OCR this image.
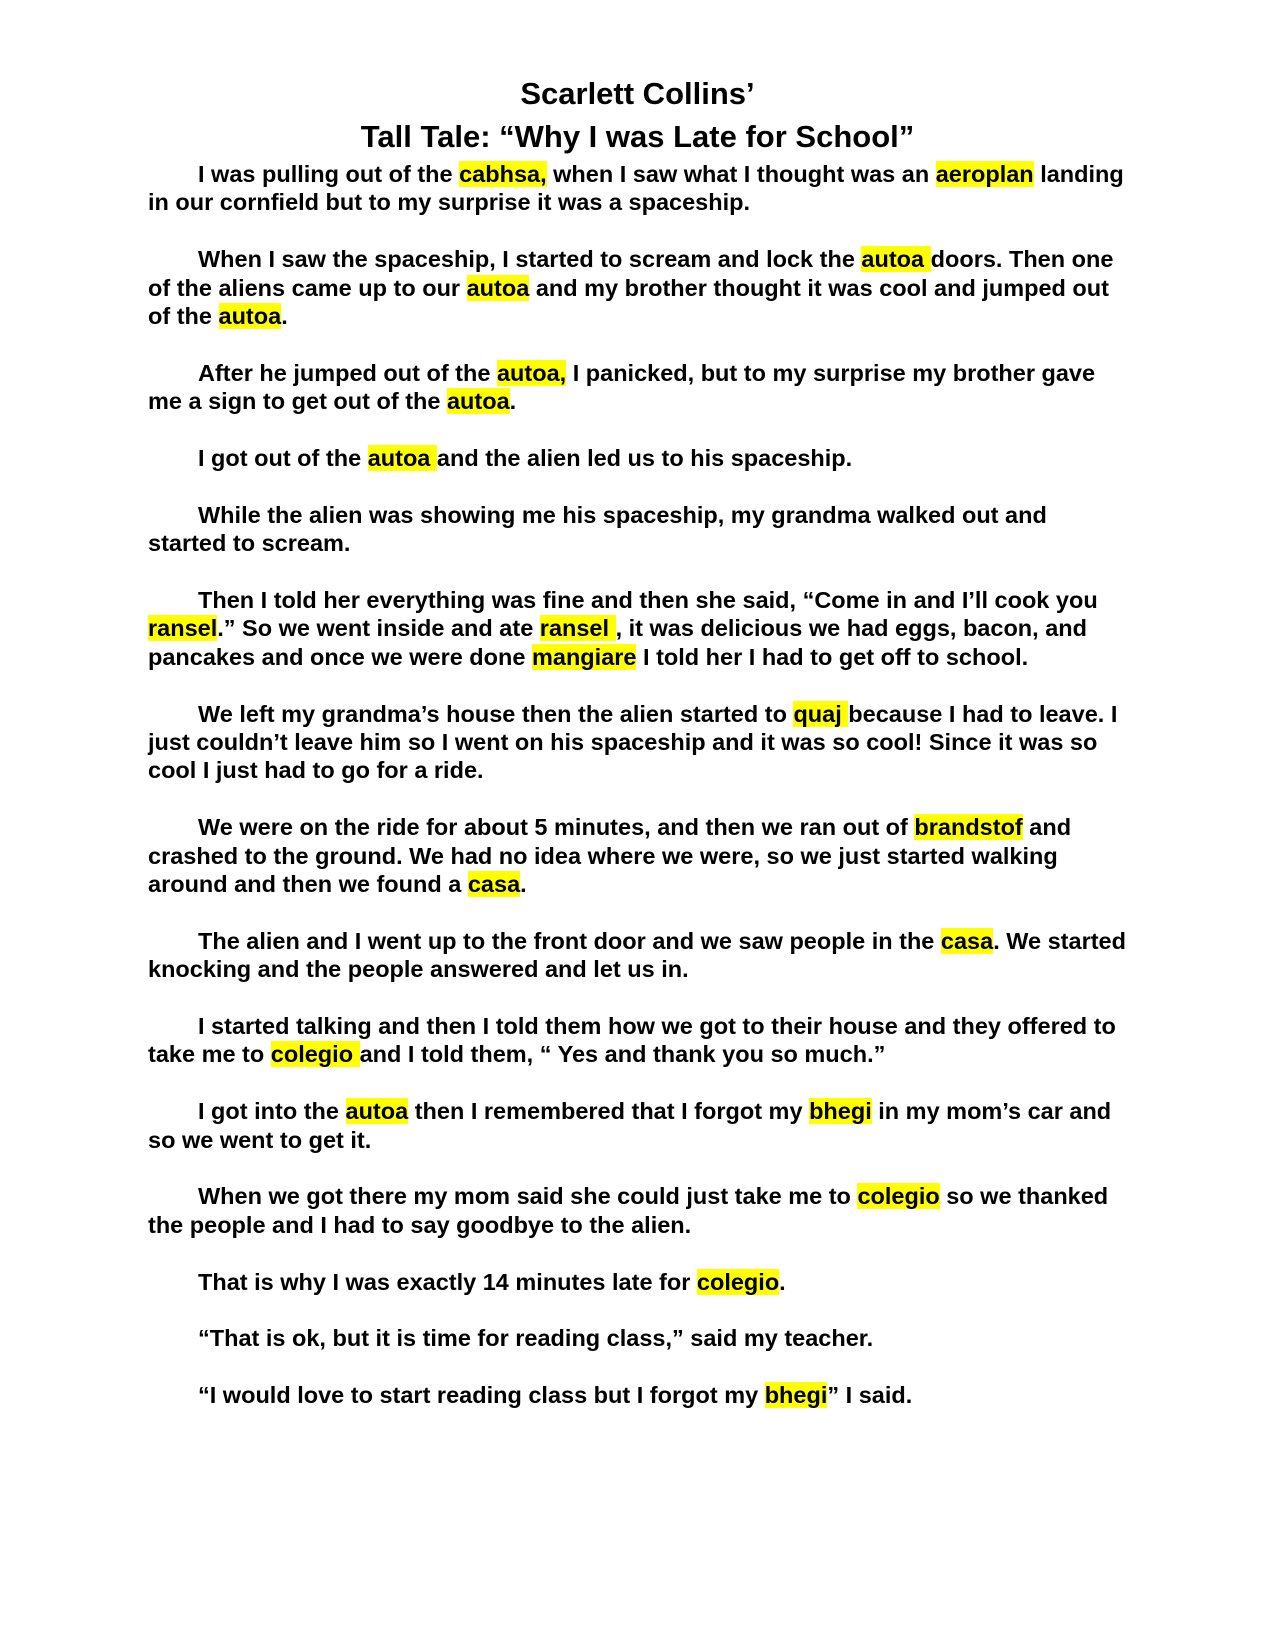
Scarlett Collins’
Tall Tale: “Why I was Late for School”

I was pulling out of the cabhsa, when I saw what I thought was an aeroplan landing in our cornfield but to my surprise it was a spaceship.

When I saw the spaceship, I started to scream and lock the autoa doors. Then one of the aliens came up to our autoa and my brother thought it was cool and jumped out of the autoa.

After he jumped out of the autoa, I panicked, but to my surprise my brother gave me a sign to get out of the autoa.

I got out of the autoa and the alien led us to his spaceship.

While the alien was showing me his spaceship, my grandma walked out and started to scream.

Then I told her everything was fine and then she said, “Come in and I’ll cook you ransel.” So we went inside and ate ransel , it was delicious we had eggs, bacon, and pancakes and once we were done mangiare I told her I had to get off to school.

We left my grandma’s house then the alien started to quaj because I had to leave. I just couldn’t leave him so I went on his spaceship and it was so cool! Since it was so cool I just had to go for a ride.

We were on the ride for about 5 minutes, and then we ran out of brandstof and crashed to the ground. We had no idea where we were, so we just started walking around and then we found a casa.

The alien and I went up to the front door and we saw people in the casa. We started knocking and the people answered and let us in.

I started talking and then I told them how we got to their house and they offered to take me to colegio and I told them, “ Yes and thank you so much.”

I got into the autoa then I remembered that I forgot my bhegi in my mom’s car and so we went to get it.

When we got there my mom said she could just take me to colegio so we thanked the people and I had to say goodbye to the alien.

That is why I was exactly 14 minutes late for colegio.

“That is ok, but it is time for reading class,” said my teacher.

“I would love to start reading class but I forgot my bhegi” I said.
